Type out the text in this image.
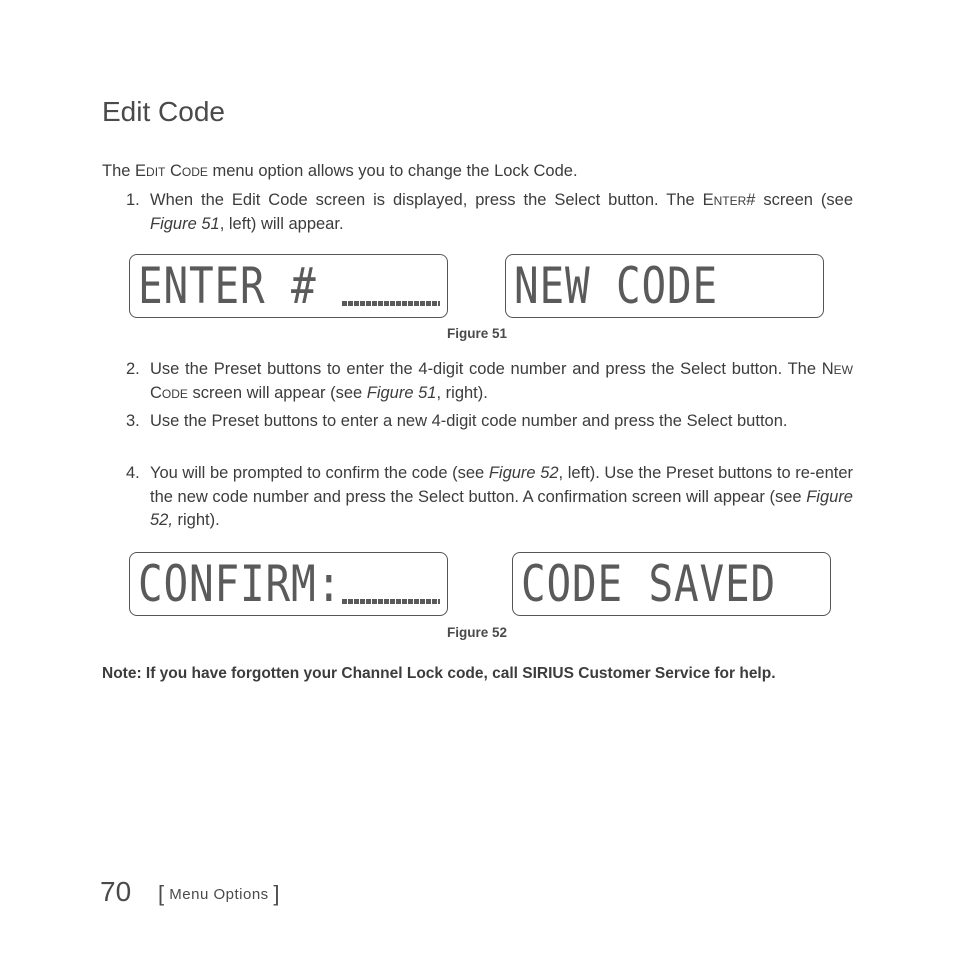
Edit Code

The Edit Code menu option allows you to change the Lock Code.

1. When the Edit Code screen is displayed, press the Select button. The Enter# screen (see Figure 51, left) will appear.
ENTER #	NEW CODE
Figure 51
2. Use the Preset buttons to enter the 4-digit code number and press the Select button. The New Code screen will appear (see Figure 51, right).
3. Use the Preset buttons to enter a new 4-digit code number and press the Select button.
4. You will be prompted to confirm the code (see Figure 52, left). Use the Preset buttons to re-enter the new code number and press the Select button. A confirmation screen will appear (see Figure 52, right).
CONFIRM:	CODE SAVED
Figure 52

Note: If you have forgotten your Channel Lock code, call SIRIUS Customer Service for help.

70 [ Menu Options ]
